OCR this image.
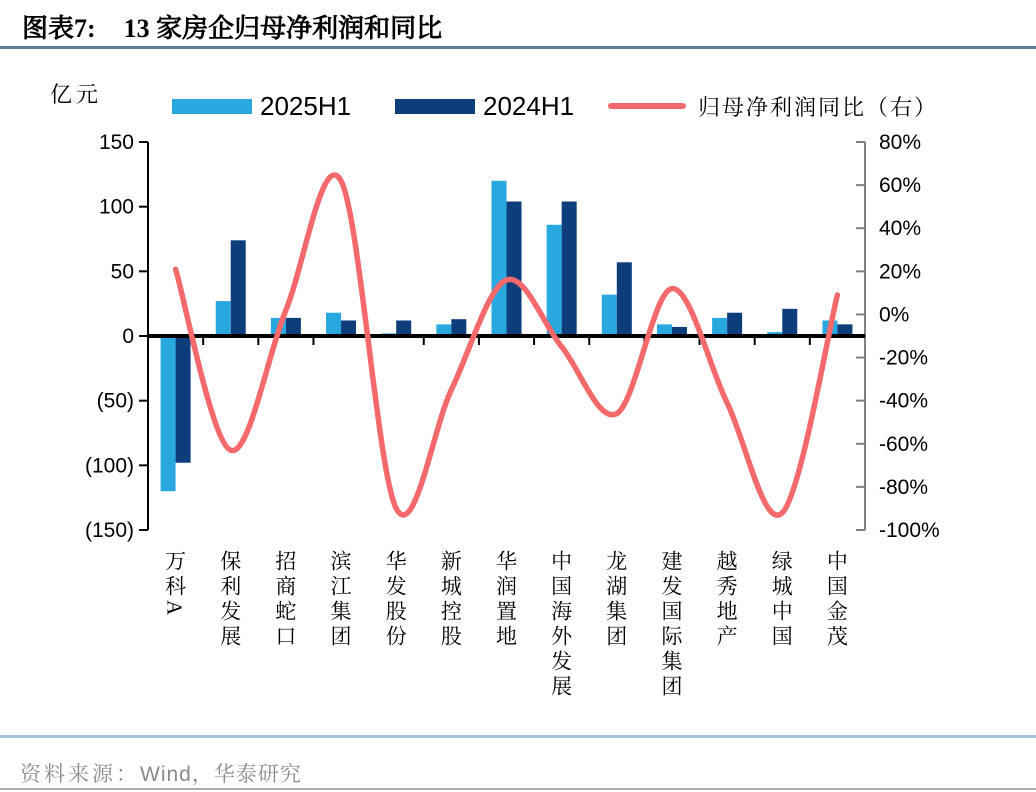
图表7: 13 家房企归母净利润和同比
亿元	2025H1	2024H1	归母净利润同比（右）
150
100
50
0
(50)
(100)
(150)
80%
60%
40%
20%
0%
-20%
-40%
-60%
-80%
-100%
万科A 保利发展 招商蛇口 滨江集团 华发股份 新城控股 华润置地 中国海外发展 龙湖集团 建发国际集团 越秀地产 绿城中国 中国金茂
资料来源：Wind，华泰研究
